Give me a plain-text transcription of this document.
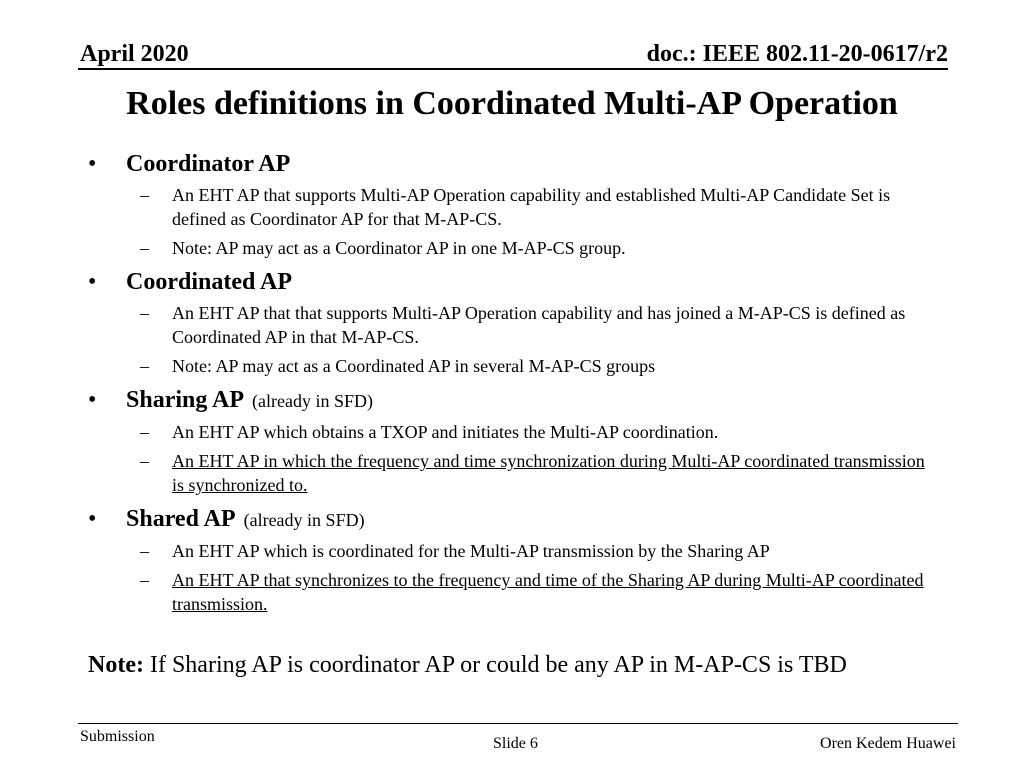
April 2020	doc.: IEEE 802.11-20-0617/r2
Roles definitions in Coordinated Multi-AP Operation
• Coordinator AP
– An EHT AP that supports Multi-AP Operation capability and established Multi-AP Candidate Set is defined as Coordinator AP for that M-AP-CS.
– Note: AP may act as a Coordinator AP in one M-AP-CS group.
• Coordinated AP
– An EHT AP that that supports Multi-AP Operation capability and has joined a M-AP-CS is defined as Coordinated AP in that M-AP-CS.
– Note: AP may act as a Coordinated AP in several M-AP-CS groups
• Sharing AP (already in SFD)
– An EHT AP which obtains a TXOP and initiates the Multi-AP coordination.
– An EHT AP in which the frequency and time synchronization during Multi-AP coordinated transmission is synchronized to.
• Shared AP (already in SFD)
– An EHT AP which is coordinated for the Multi-AP transmission by the Sharing AP
– An EHT AP that synchronizes to the frequency and time of the Sharing AP during Multi-AP coordinated transmission.
Note: If Sharing AP is coordinator AP or could be any AP in M-AP-CS is TBD
Submission	Slide 6	Oren Kedem Huawei
